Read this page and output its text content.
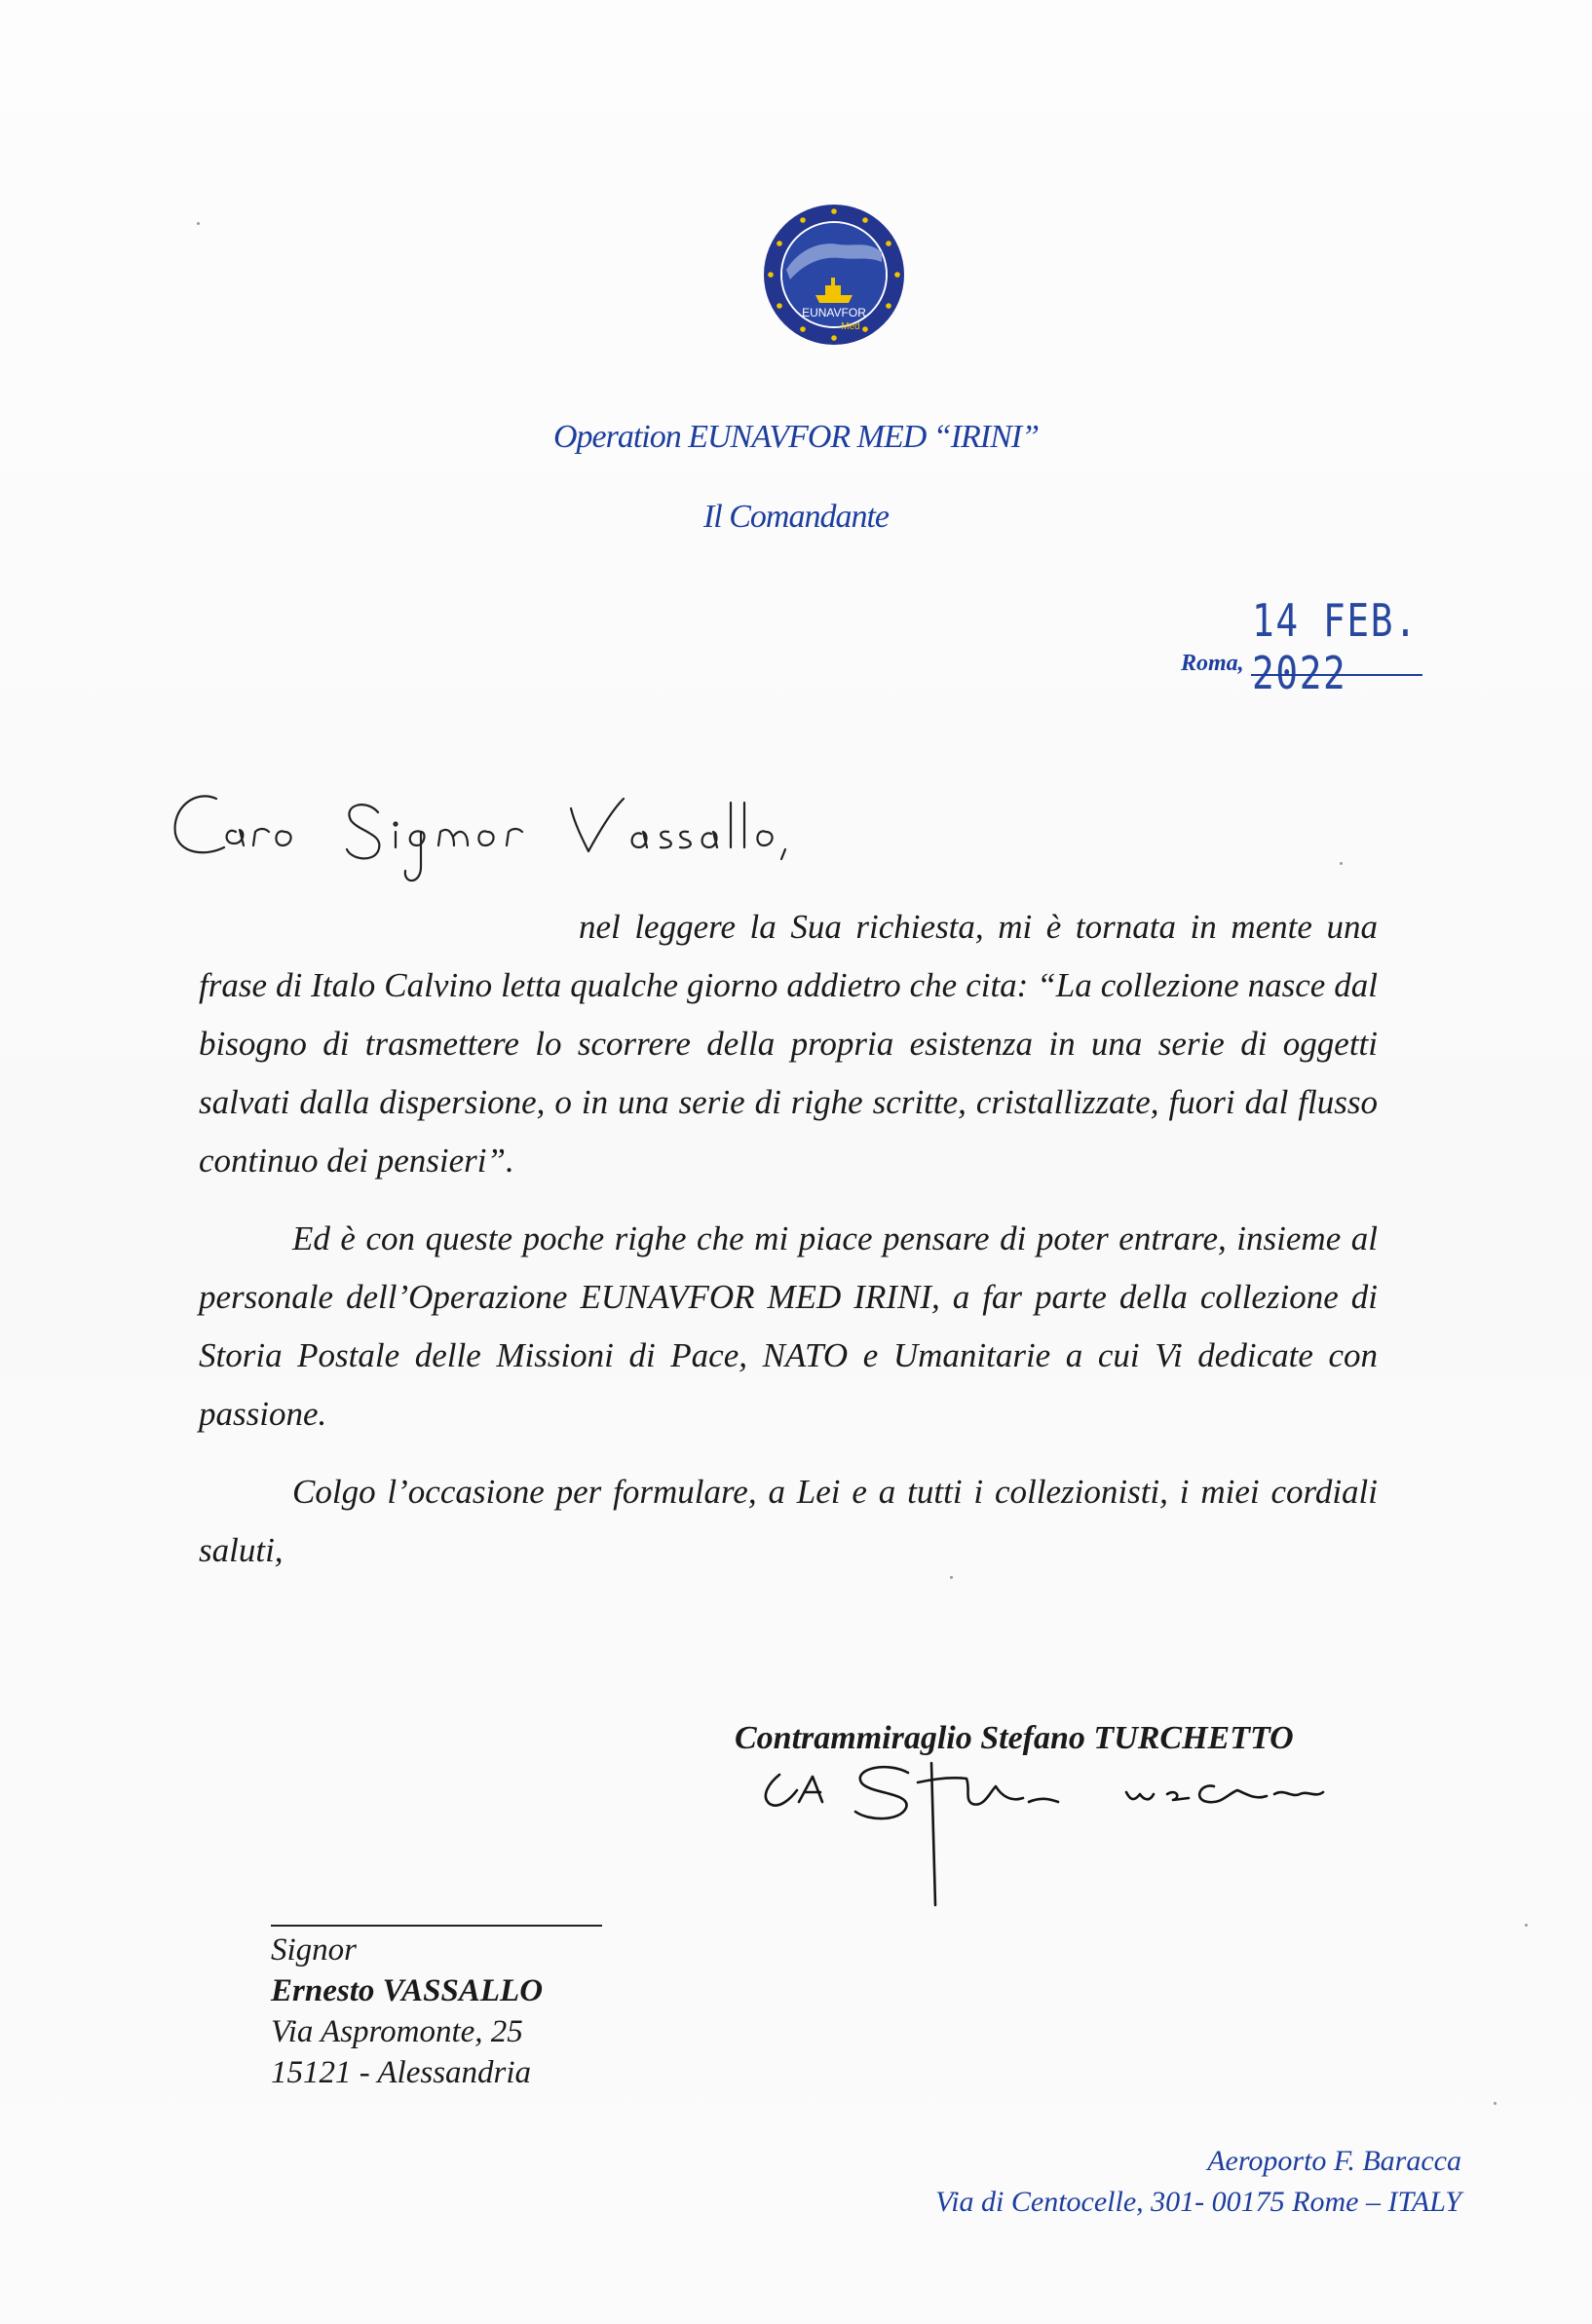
EUNAVFOR
Med
Operation EUNAVFOR MED “IRINI”
Il Comandante
14 FEB. 2022
Roma,
nel leggere la Sua richiesta, mi è tornata in mente una frase di Italo Calvino letta qualche giorno addietro che cita: “La collezione nasce dal bisogno di trasmettere lo scorrere della propria esistenza in una serie di oggetti salvati dalla dispersione, o in una serie di righe scritte, cristallizzate, fuori dal flusso continuo dei pensieri”.
Ed è con queste poche righe che mi piace pensare di poter entrare, insieme al personale dell’Operazione EUNAVFOR MED IRINI, a far parte della collezione di Storia Postale delle Missioni di Pace, NATO e Umanitarie a cui Vi dedicate con passione.
Colgo l’occasione per formulare, a Lei e a tutti i collezionisti, i miei cordiali saluti,
Contrammiraglio Stefano TURCHETTO
Signor
Ernesto VASSALLO
Via Aspromonte, 25
15121 - Alessandria
Aeroporto F. Baracca
Via di Centocelle, 301- 00175 Rome – ITALY
